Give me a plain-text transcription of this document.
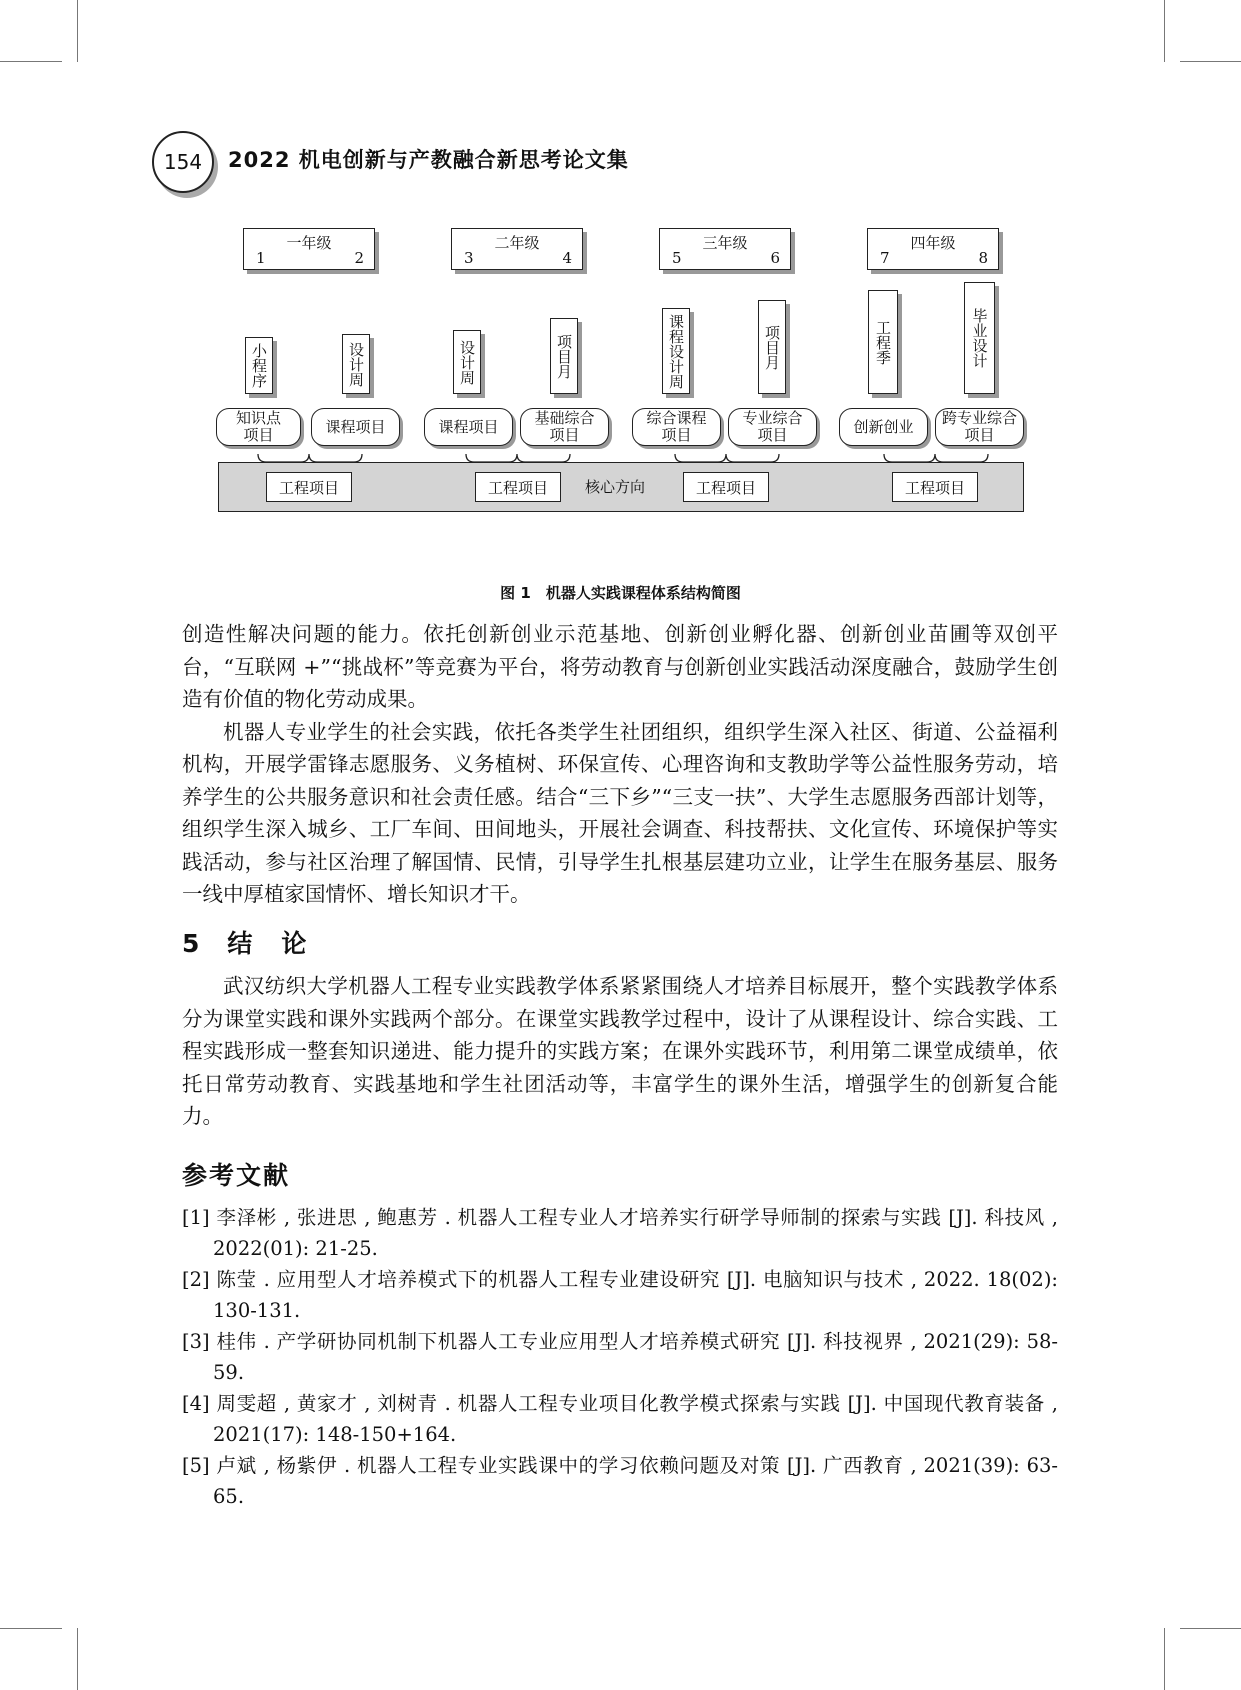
154	2022 机电创新与产教融合新思考论文集
一年级
1	2
二年级
3	4
三年级
5	6
四年级
7	8
小程序	设计周	设计周	项目月	课程设计周	项目月	工程季	毕业设计
知识点
项目	课程项目	课程项目 基础综合
项目
综合课程
项目
专业综合
项目	创新创业 跨专业综合
项目
工程项目	工程项目	核心方向	工程项目	工程项目
图 1　机器人实践课程体系结构简图

创造性解决问题的能力。依托创新创业示范基地、创新创业孵化器、创新创业苗圃等双创平台，“互联网 +”“挑战杯”等竞赛为平台，将劳动教育与创新创业实践活动深度融合，鼓励学生创造有价值的物化劳动成果。

机器人专业学生的社会实践，依托各类学生社团组织，组织学生深入社区、街道、公益福利机构，开展学雷锋志愿服务、义务植树、环保宣传、心理咨询和支教助学等公益性服务劳动，培养学生的公共服务意识和社会责任感。结合“三下乡”“三支一扶”、大学生志愿服务西部计划等，组织学生深入城乡、工厂车间、田间地头，开展社会调查、科技帮扶、文化宣传、环境保护等实践活动，参与社区治理了解国情、民情，引导学生扎根基层建功立业，让学生在服务基层、服务一线中厚植家国情怀、增长知识才干。

5 结　论

武汉纺织大学机器人工程专业实践教学体系紧紧围绕人才培养目标展开，整个实践教学体系分为课堂实践和课外实践两个部分。在课堂实践教学过程中，设计了从课程设计、综合实践、工程实践形成一整套知识递进、能力提升的实践方案；在课外实践环节，利用第二课堂成绩单，依托日常劳动教育、实践基地和学生社团活动等，丰富学生的课外生活，增强学生的创新复合能力。

参考文献

[1] 李泽彬 , 张进思 , 鲍惠芳 . 机器人工程专业人才培养实行研学导师制的探索与实践 [J]. 科技风 , 2022(01): 21-25.

[2] 陈莹 . 应用型人才培养模式下的机器人工程专业建设研究 [J]. 电脑知识与技术 , 2022. 18(02): 130-131.

[3] 桂伟 . 产学研协同机制下机器人工专业应用型人才培养模式研究 [J]. 科技视界 , 2021(29): 58-59.

[4] 周雯超 , 黄家才 , 刘树青 . 机器人工程专业项目化教学模式探索与实践 [J]. 中国现代教育装备 , 2021(17): 148-150+164.

[5] 卢斌 , 杨紫伊 . 机器人工程专业实践课中的学习依赖问题及对策 [J]. 广西教育 , 2021(39): 63-65.
